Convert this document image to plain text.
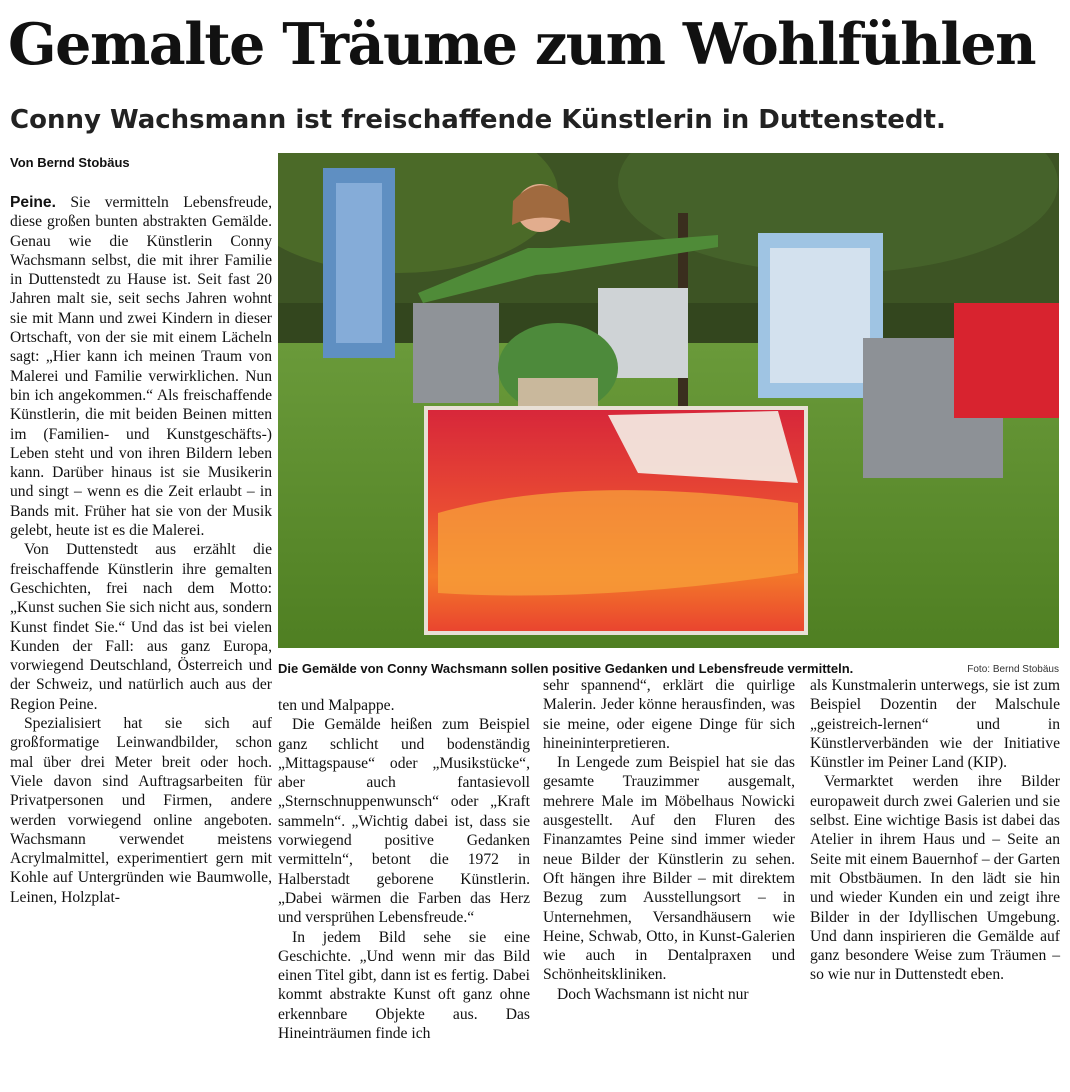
Gemalte Träume zum Wohlfühlen
Conny Wachsmann ist freischaffende Künstlerin in Duttenstedt.
Von Bernd Stobäus

Peine. Sie vermitteln Lebensfreude, diese großen bunten abstrakten Gemälde. Genau wie die Künstlerin Conny Wachsmann selbst, die mit ihrer Familie in Duttenstedt zu Hause ist. Seit fast 20 Jahren malt sie, seit sechs Jahren wohnt sie mit Mann und zwei Kindern in dieser Ortschaft, von der sie mit einem Lächeln sagt: „Hier kann ich meinen Traum von Malerei und Familie verwirklichen. Nun bin ich angekommen.“ Als freischaffende Künstlerin, die mit beiden Beinen mitten im (Familien- und Kunstgeschäfts-) Leben steht und von ihren Bildern leben kann. Darüber hinaus ist sie Musikerin und singt – wenn es die Zeit erlaubt – in Bands mit. Früher hat sie von der Musik gelebt, heute ist es die Malerei.

Von Duttenstedt aus erzählt die freischaffende Künstlerin ihre gemalten Geschichten, frei nach dem Motto: „Kunst suchen Sie sich nicht aus, sondern Kunst findet Sie.“ Und das ist bei vielen Kunden der Fall: aus ganz Europa, vorwiegend Deutschland, Österreich und der Schweiz, und natürlich auch aus der Region Peine.

Spezialisiert hat sie sich auf großformatige Leinwandbilder, schon mal über drei Meter breit oder hoch. Viele davon sind Auftragsarbeiten für Privatpersonen und Firmen, andere werden vorwiegend online angeboten. Wachsmann verwendet meistens Acrylmalmittel, experimentiert gern mit Kohle auf Untergründen wie Baumwolle, Leinen, Holzplat-

Die Gemälde von Conny Wachsmann sollen positive Gedanken und Lebensfreude vermitteln.	Foto: Bernd Stobäus

ten und Malpappe.

Die Gemälde heißen zum Beispiel ganz schlicht und bodenständig „Mittagspause“ oder „Musikstücke“, aber auch fantasievoll „Sternschnuppenwunsch“ oder „Kraft sammeln“. „Wichtig dabei ist, dass sie vorwiegend positive Gedanken vermitteln“, betont die 1972 in Halberstadt geborene Künstlerin. „Dabei wärmen die Farben das Herz und versprühen Lebensfreude.“

In jedem Bild sehe sie eine Geschichte. „Und wenn mir das Bild einen Titel gibt, dann ist es fertig. Dabei kommt abstrakte Kunst oft ganz ohne erkennbare Objekte aus. Das Hineinträumen finde ich

sehr spannend“, erklärt die quirlige Malerin. Jeder könne herausfinden, was sie meine, oder eigene Dinge für sich hineininterpretieren.

In Lengede zum Beispiel hat sie das gesamte Trauzimmer ausgemalt, mehrere Male im Möbelhaus Nowicki ausgestellt. Auf den Fluren des Finanzamtes Peine sind immer wieder neue Bilder der Künstlerin zu sehen. Oft hängen ihre Bilder – mit direktem Bezug zum Ausstellungsort – in Unternehmen, Versandhäusern wie Heine, Schwab, Otto, in Kunst-Galerien wie auch in Dentalpraxen und Schönheitskliniken.

Doch Wachsmann ist nicht nur

als Kunstmalerin unterwegs, sie ist zum Beispiel Dozentin der Malschule „geistreich-lernen“ und in Künstlerverbänden wie der Initiative Künstler im Peiner Land (KIP).

Vermarktet werden ihre Bilder europaweit durch zwei Galerien und sie selbst. Eine wichtige Basis ist dabei das Atelier in ihrem Haus und – Seite an Seite mit einem Bauernhof – der Garten mit Obstbäumen. In den lädt sie hin und wieder Kunden ein und zeigt ihre Bilder in der Idyllischen Umgebung. Und dann inspirieren die Gemälde auf ganz besondere Weise zum Träumen – so wie nur in Duttenstedt eben.
